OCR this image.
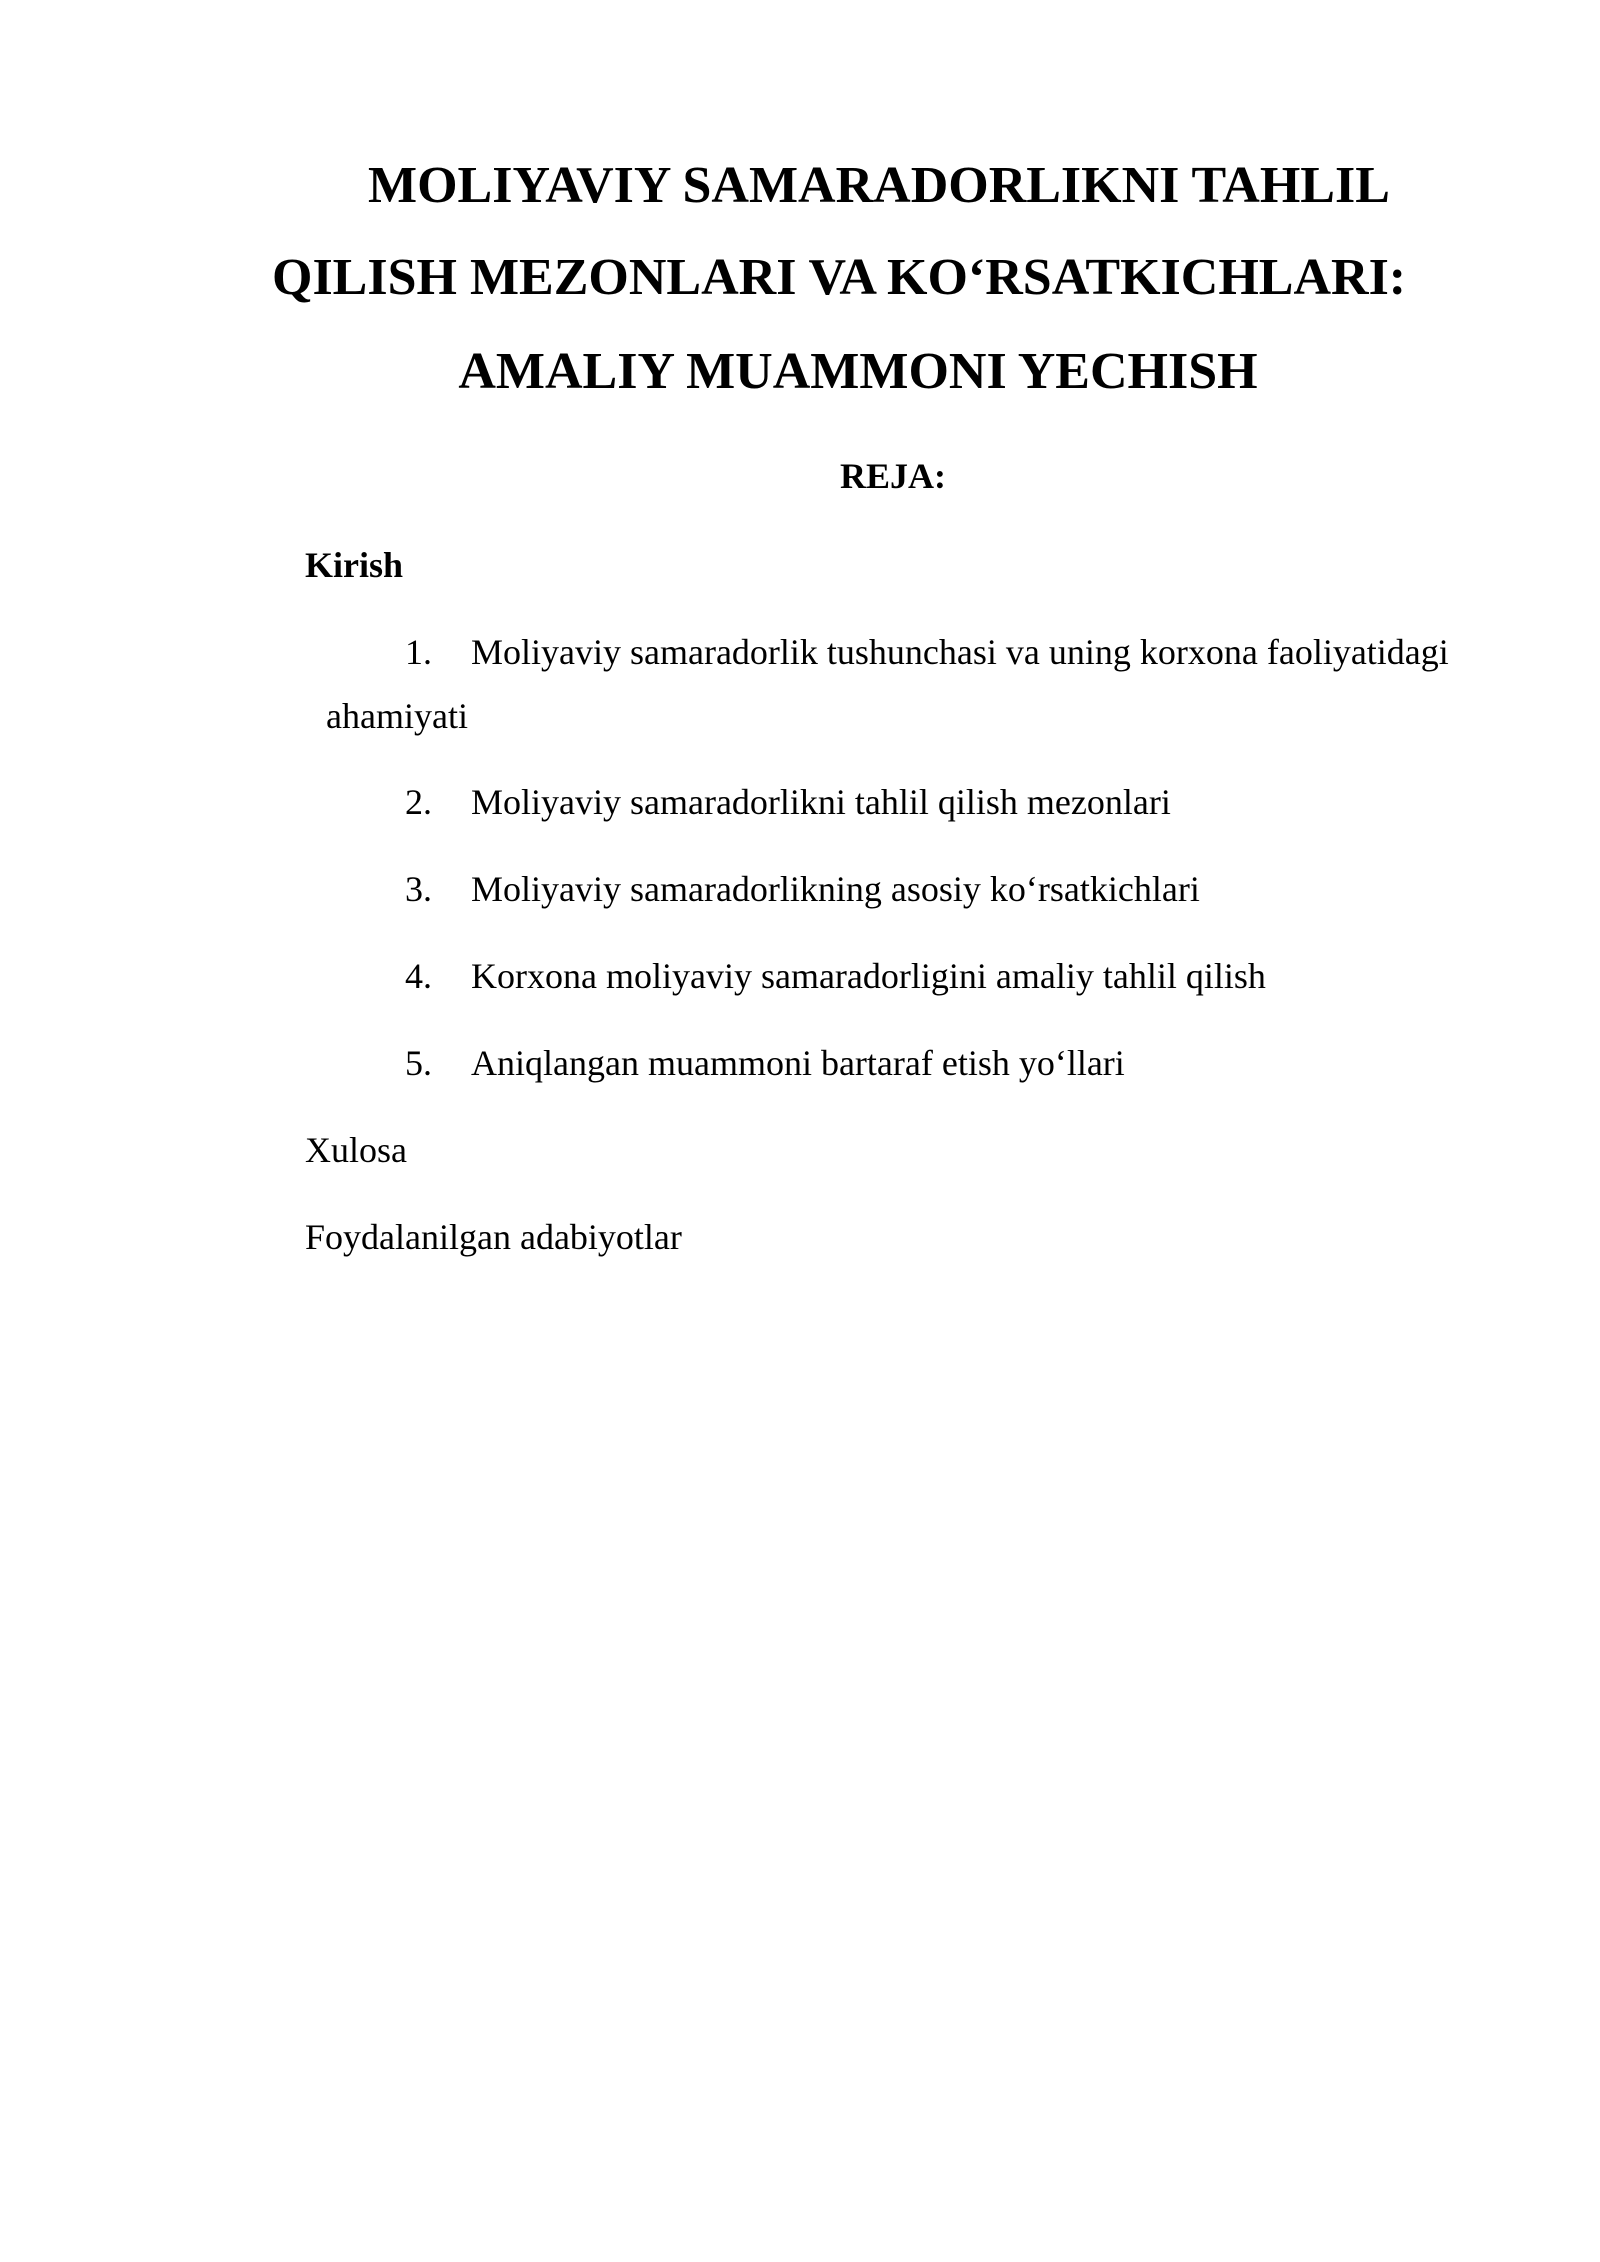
MOLIYAVIY SAMARADORLIKNI TAHLIL
QILISH MEZONLARI VA KO‘RSATKICHLARI:
AMALIY MUAMMONI YECHISH
REJA:
Kirish
1. Moliyaviy samaradorlik tushunchasi va uning korxona faoliyatidagi
ahamiyati
2. Moliyaviy samaradorlikni tahlil qilish mezonlari
3. Moliyaviy samaradorlikning asosiy ko‘rsatkichlari
4. Korxona moliyaviy samaradorligini amaliy tahlil qilish
5. Aniqlangan muammoni bartaraf etish yo‘llari
Xulosa
Foydalanilgan adabiyotlar
